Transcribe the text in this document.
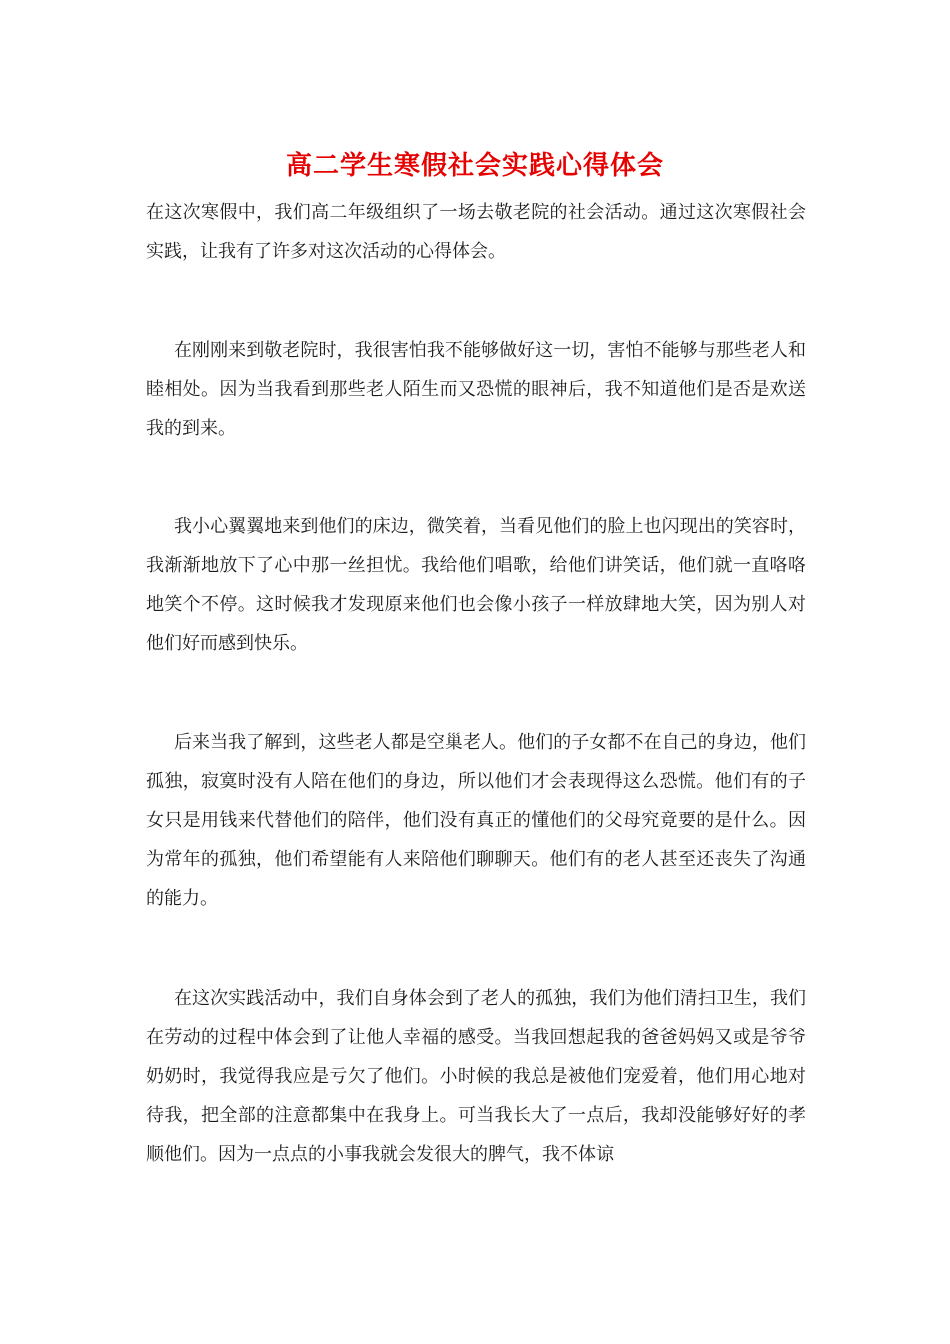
高二学生寒假社会实践心得体会

在这次寒假中，我们高二年级组织了一场去敬老院的社会活动。通过这次寒假社会实践，让我有了许多对这次活动的心得体会。

在刚刚来到敬老院时，我很害怕我不能够做好这一切，害怕不能够与那些老人和睦相处。因为当我看到那些老人陌生而又恐慌的眼神后，我不知道他们是否是欢送我的到来。

我小心翼翼地来到他们的床边，微笑着，当看见他们的脸上也闪现出的笑容时，我渐渐地放下了心中那一丝担忧。我给他们唱歌，给他们讲笑话，他们就一直咯咯地笑个不停。这时候我才发现原来他们也会像小孩子一样放肆地大笑，因为别人对他们好而感到快乐。

后来当我了解到，这些老人都是空巢老人。他们的子女都不在自己的身边，他们孤独，寂寞时没有人陪在他们的身边，所以他们才会表现得这么恐慌。他们有的子女只是用钱来代替他们的陪伴，他们没有真正的懂他们的父母究竟要的是什么。因为常年的孤独，他们希望能有人来陪他们聊聊天。他们有的老人甚至还丧失了沟通的能力。

在这次实践活动中，我们自身体会到了老人的孤独，我们为他们清扫卫生，我们在劳动的过程中体会到了让他人幸福的感受。当我回想起我的爸爸妈妈又或是爷爷奶奶时，我觉得我应是亏欠了他们。小时候的我总是被他们宠爱着，他们用心地对待我，把全部的注意都集中在我身上。可当我长大了一点后，我却没能够好好的孝顺他们。因为一点点的小事我就会发很大的脾气，我不体谅
